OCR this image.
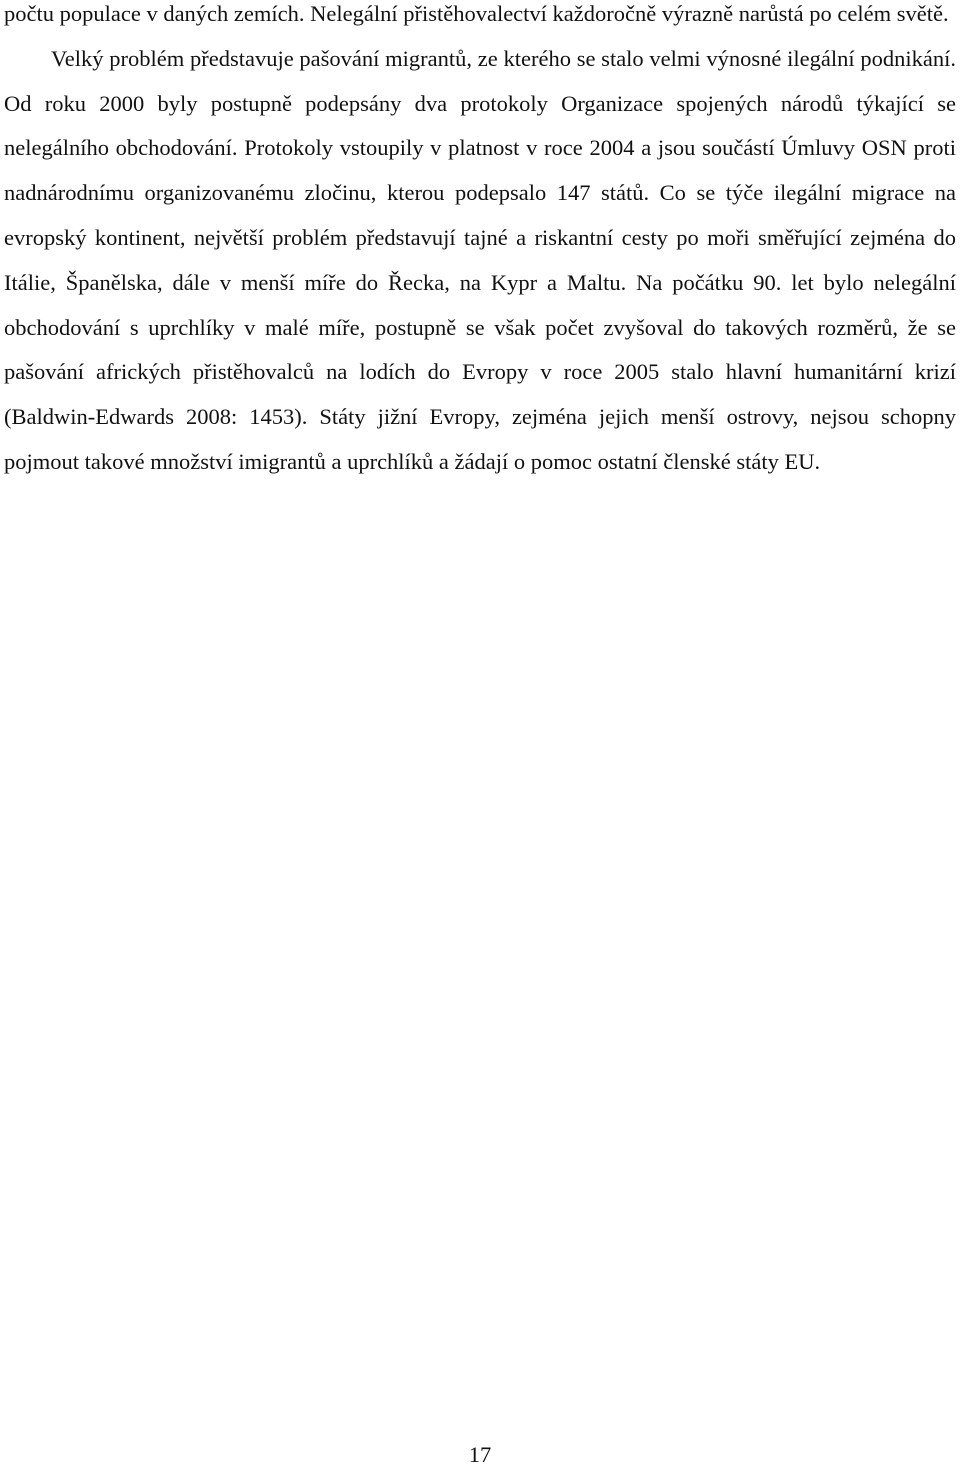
počtu populace v daných zemích. Nelegální přistěhovalectví každoročně výrazně narůstá po celém světě.

Velký problém představuje pašování migrantů, ze kterého se stalo velmi výnosné ilegální podnikání. Od roku 2000 byly postupně podepsány dva protokoly Organizace spojených národů týkající se nelegálního obchodování. Protokoly vstoupily v platnost v roce 2004 a jsou součástí Úmluvy OSN proti nadnárodnímu organizovanému zločinu, kterou podepsalo 147 států. Co se týče ilegální migrace na evropský kontinent, největší problém představují tajné a riskantní cesty po moři směřující zejména do Itálie, Španělska, dále v menší míře do Řecka, na Kypr a Maltu. Na počátku 90. let bylo nelegální obchodování s uprchlíky v malé míře, postupně se však počet zvyšoval do takových rozměrů, že se pašování afrických přistěhovalců na lodích do Evropy v roce 2005 stalo hlavní humanitární krizí (Baldwin-Edwards 2008: 1453). Státy jižní Evropy, zejména jejich menší ostrovy, nejsou schopny pojmout takové množství imigrantů a uprchlíků a žádají o pomoc ostatní členské státy EU.

17
